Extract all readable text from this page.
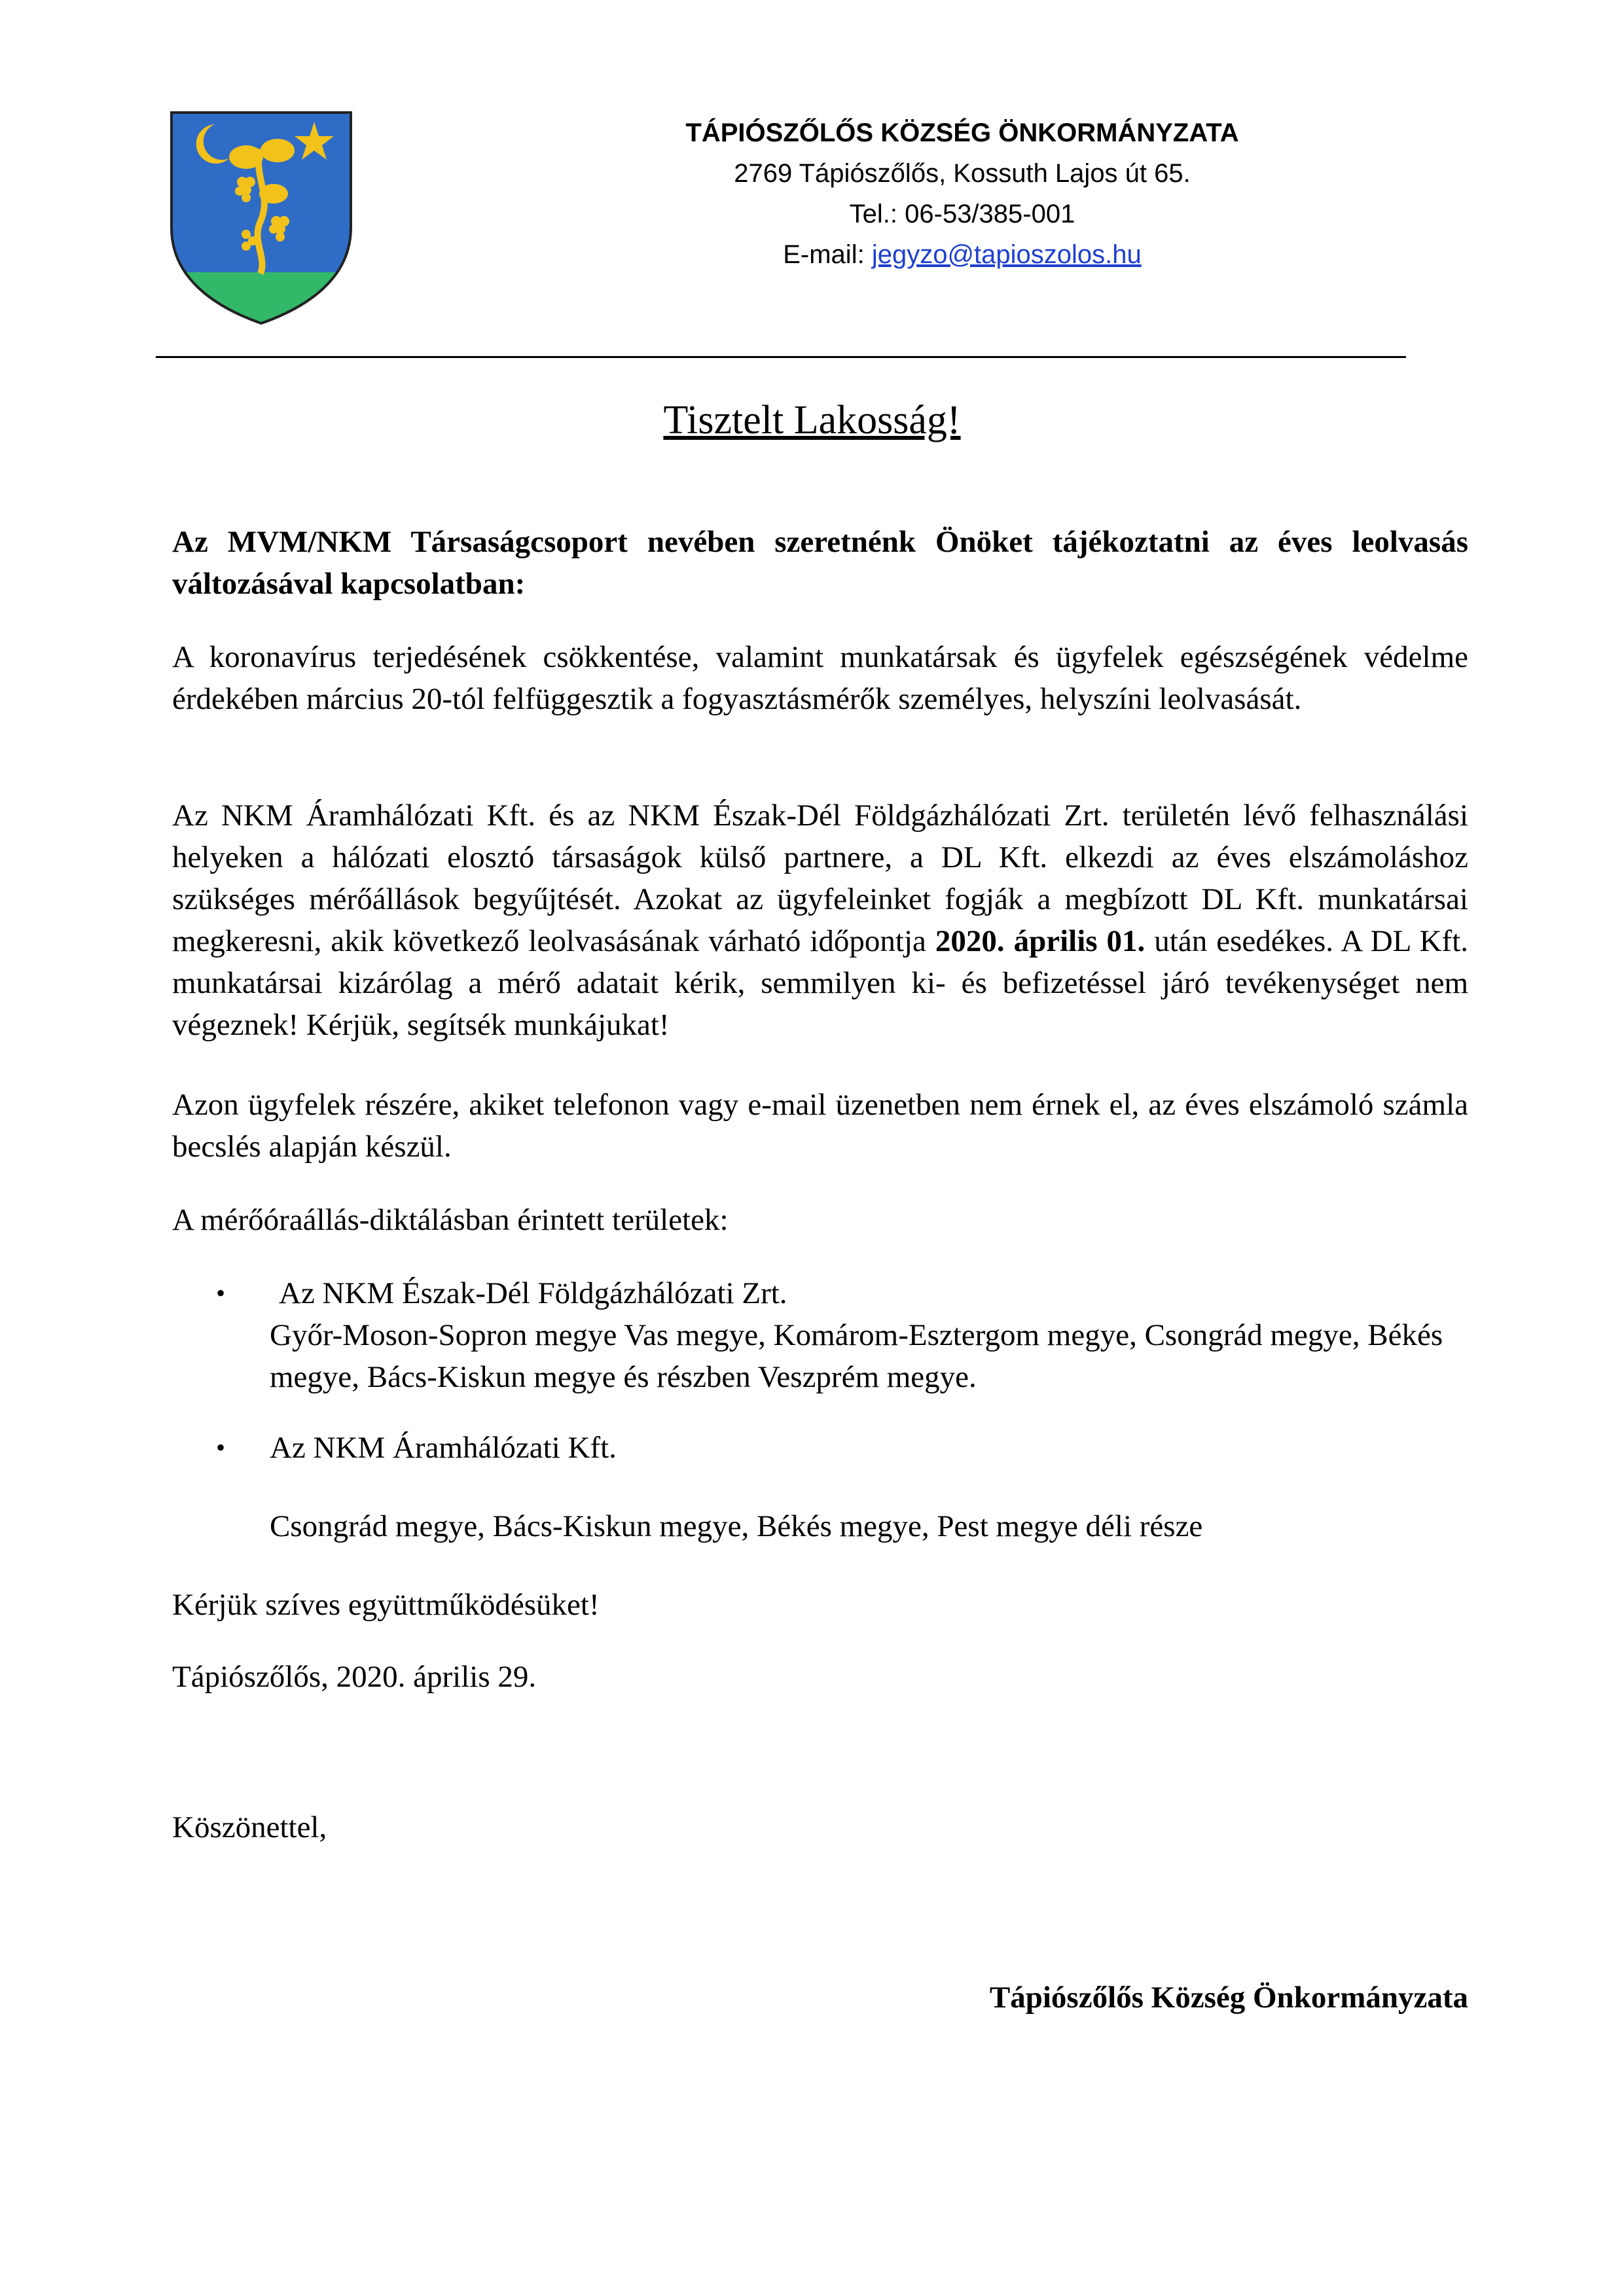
TÁPIÓSZŐLŐS KÖZSÉG ÖNKORMÁNYZATA
2769 Tápiószőlős, Kossuth Lajos út 65.
Tel.: 06-53/385-001
E-mail: jegyzo@tapioszolos.hu
Tisztelt Lakosság!
Az MVM/NKM Társaságcsoport nevében szeretnénk Önöket tájékoztatni az éves leolvasás változásával kapcsolatban:
A koronavírus terjedésének csökkentése, valamint munkatársak és ügyfelek egészségének védelme érdekében március 20-tól felfüggesztik a fogyasztásmérők személyes, helyszíni leolvasását.
Az NKM Áramhálózati Kft. és az NKM Észak-Dél Földgázhálózati Zrt. területén lévő felhasználási helyeken a hálózati elosztó társaságok külső partnere, a DL Kft. elkezdi az éves elszámoláshoz szükséges mérőállások begyűjtését. Azokat az ügyfeleinket fogják a megbízott DL Kft. munkatársai megkeresni, akik következő leolvasásának várható időpontja 2020. április 01. után esedékes. A DL Kft. munkatársai kizárólag a mérő adatait kérik, semmilyen ki- és befizetéssel járó tevékenységet nem végeznek! Kérjük, segítsék munkájukat!
Azon ügyfelek részére, akiket telefonon vagy e-mail üzenetben nem érnek el, az éves elszámoló számla becslés alapján készül.
A mérőóraállás-diktálásban érintett területek:
• Az NKM Észak-Dél Földgázhálózati Zrt.
Győr-Moson-Sopron megye Vas megye, Komárom-Esztergom megye, Csongrád megye, Békés megye, Bács-Kiskun megye és részben Veszprém megye.
• Az NKM Áramhálózati Kft.
Csongrád megye, Bács-Kiskun megye, Békés megye, Pest megye déli része
Kérjük szíves együttműködésüket!
Tápiószőlős, 2020. április 29.
Köszönettel,
Tápiószőlős Község Önkormányzata
